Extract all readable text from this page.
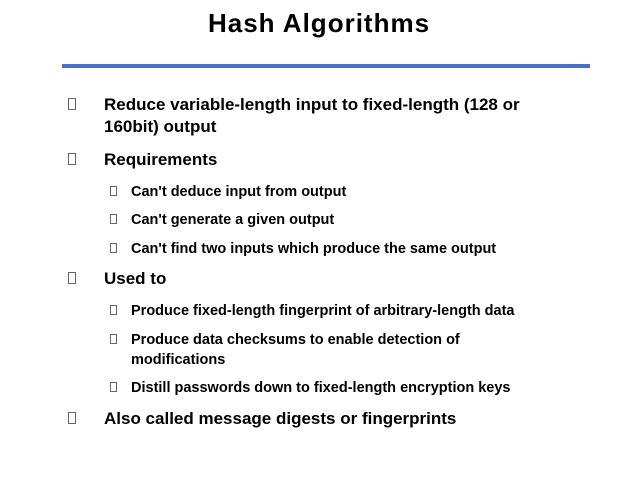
Hash Algorithms
Reduce variable-length input to fixed-length (128 or 160bit) output
Requirements
Can't deduce input from output
Can't generate a given output
Can't find two inputs which produce the same output
Used to
Produce fixed-length fingerprint of arbitrary-length data
Produce data checksums to enable detection of modifications
Distill passwords down to fixed-length encryption keys
Also called message digests or fingerprints
